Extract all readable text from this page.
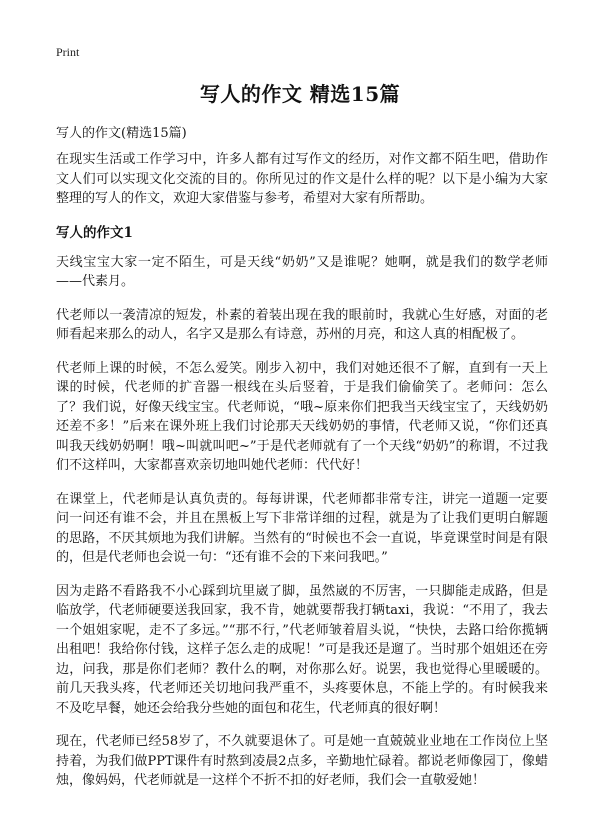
Print
写人的作文 精选15篇
写人的作文(精选15篇)

在现实生活或工作学习中，许多人都有过写作文的经历，对作文都不陌生吧，借助作文人们可以实现文化交流的目的。你所见过的作文是什么样的呢？以下是小编为大家整理的写人的作文，欢迎大家借鉴与参考，希望对大家有所帮助。

写人的作文1

天线宝宝大家一定不陌生，可是天线“奶奶”又是谁呢？她啊，就是我们的数学老师——代素月。

代老师以一袭清凉的短发，朴素的着装出现在我的眼前时，我就心生好感，对面的老师看起来那么的动人，名字又是那么有诗意，苏州的月亮，和这人真的相配极了。

代老师上课的时候，不怎么爱笑。刚步入初中，我们对她还很不了解，直到有一天上课的时候，代老师的扩音器一根线在头后竖着，于是我们偷偷笑了。老师问：怎么了？我们说，好像天线宝宝。代老师说，“哦~原来你们把我当天线宝宝了，天线奶奶还差不多！”后来在课外班上我们讨论那天天线奶奶的事情，代老师又说，“你们还真叫我天线奶奶啊！哦~叫就叫吧~”于是代老师就有了一个天线“奶奶”的称谓，不过我们不这样叫，大家都喜欢亲切地叫她代老师：代代好！

在课堂上，代老师是认真负责的。每每讲课，代老师都非常专注，讲完一道题一定要问一问还有谁不会，并且在黑板上写下非常详细的过程，就是为了让我们更明白解题的思路，不厌其烦地为我们讲解。当然有的“时候也不会一直说，毕竟课堂时间是有限的，但是代老师也会说一句：“还有谁不会的下来问我吧。”

因为走路不看路我不小心踩到坑里崴了脚，虽然崴的不厉害，一只脚能走成路，但是临放学，代老师硬要送我回家，我不肯，她就要帮我打辆taxi，我说：“不用了，我去一个姐姐家呢，走不了多远。”“那不行，”代老师皱着眉头说，“快快，去路口给你揽辆出租吧！我给你付钱，这样子怎么走的成呢！”可是我还是遛了。当时那个姐姐还在旁边，问我，那是你们老师？教什么的啊，对你那么好。说罢，我也觉得心里暖暖的。前几天我头疼，代老师还关切地问我严重不，头疼要休息，不能上学的。有时候我来不及吃早餐，她还会给我分些她的面包和花生，代老师真的很好啊！

现在，代老师已经58岁了，不久就要退休了。可是她一直兢兢业业地在工作岗位上坚持着，为我们做PPT课件有时熬到凌晨2点多，辛勤地忙碌着。都说老师像园丁，像蜡烛，像妈妈，代老师就是一这样个不折不扣的好老师，我们会一直敬爱她！
